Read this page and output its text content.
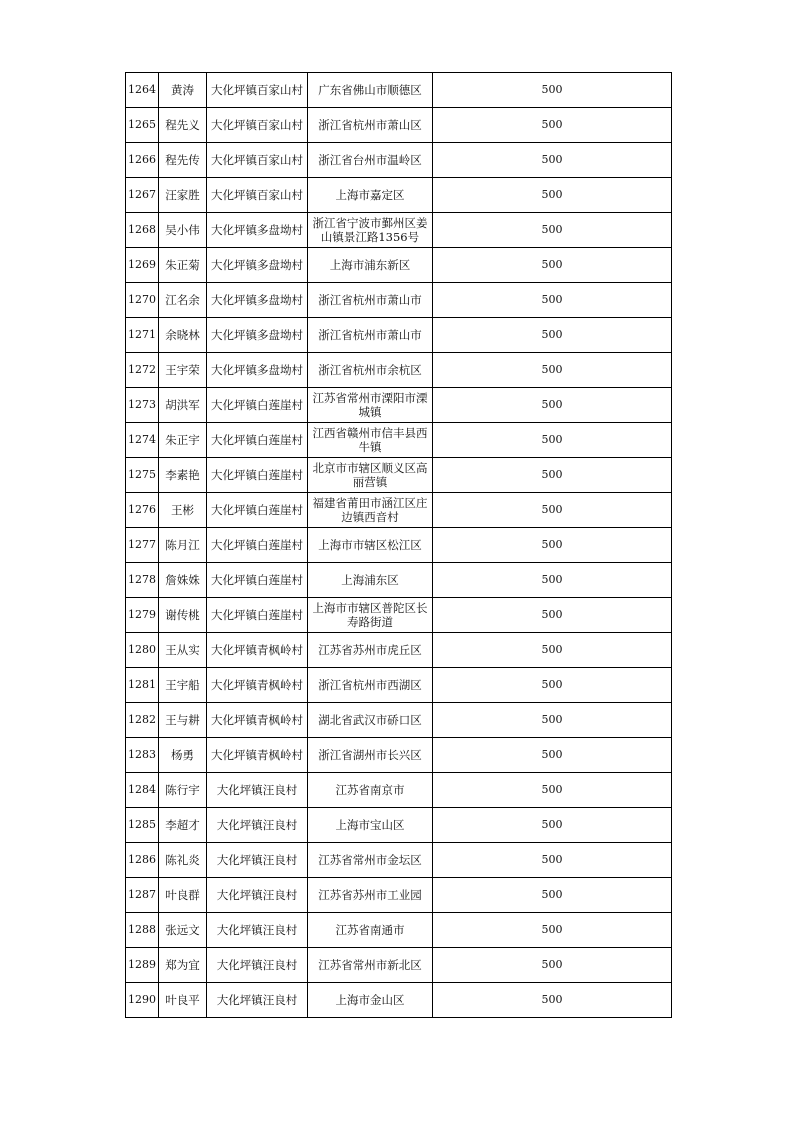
1264	黄涛	大化坪镇百家山村	广东省佛山市顺德区	500
1265	程先义	大化坪镇百家山村	浙江省杭州市萧山区	500
1266	程先传	大化坪镇百家山村	浙江省台州市温岭区	500
1267	汪家胜	大化坪镇百家山村	上海市嘉定区	500
1268	吴小伟	大化坪镇多盘坳村	浙江省宁波市鄞州区姜山镇景江路1356号	500
1269	朱正菊	大化坪镇多盘坳村	上海市浦东新区	500
1270	江名余	大化坪镇多盘坳村	浙江省杭州市萧山市	500
1271	余晓林	大化坪镇多盘坳村	浙江省杭州市萧山市	500
1272	王宇荣	大化坪镇多盘坳村	浙江省杭州市余杭区	500
1273	胡洪军	大化坪镇白莲崖村	江苏省常州市溧阳市溧城镇	500
1274	朱正宇	大化坪镇白莲崖村	江西省赣州市信丰县西牛镇	500
1275	李素艳	大化坪镇白莲崖村	北京市市辖区顺义区高丽营镇	500
1276	王彬	大化坪镇白莲崖村	福建省莆田市涵江区庄边镇西音村	500
1277	陈月江	大化坪镇白莲崖村	上海市市辖区松江区	500
1278	詹姝姝	大化坪镇白莲崖村	上海浦东区	500
1279	谢传桃	大化坪镇白莲崖村	上海市市辖区普陀区长寿路街道	500
1280	王从实	大化坪镇青枫岭村	江苏省苏州市虎丘区	500
1281	王宇船	大化坪镇青枫岭村	浙江省杭州市西湖区	500
1282	王与耕	大化坪镇青枫岭村	湖北省武汉市硚口区	500
1283	杨勇	大化坪镇青枫岭村	浙江省湖州市长兴区	500
1284	陈行宇	大化坪镇汪良村	江苏省南京市	500
1285	李超才	大化坪镇汪良村	上海市宝山区	500
1286	陈礼炎	大化坪镇汪良村	江苏省常州市金坛区	500
1287	叶良群	大化坪镇汪良村	江苏省苏州市工业园	500
1288	张远文	大化坪镇汪良村	江苏省南通市	500
1289	郑为宜	大化坪镇汪良村	江苏省常州市新北区	500
1290	叶良平	大化坪镇汪良村	上海市金山区	500
